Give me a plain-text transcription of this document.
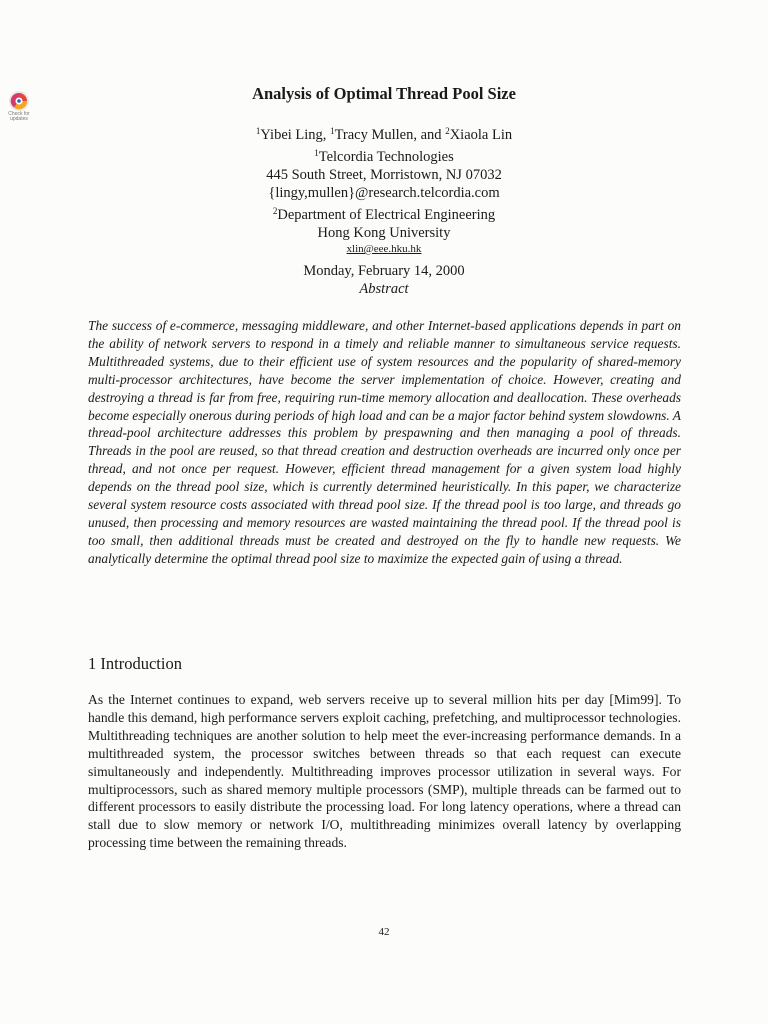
Check for
updates
Analysis of Optimal Thread Pool Size
$^1$Yibei Ling, $^1$Tracy Mullen, and $^2$Xiaola Lin
$^1$Telcordia Technologies
445 South Street, Morristown, NJ 07032
{lingy,mullen}@research.telcordia.com
$^2$Department of Electrical Engineering
Hong Kong University
xlin@eee.hku.hk
Monday, February 14, 2000
Abstract
The success of e-commerce, messaging middleware, and other Internet-based applications depends in part on the ability of network servers to respond in a timely and reliable manner to simultaneous service requests. Multithreaded systems, due to their efficient use of system resources and the popularity of shared-memory multi-processor architectures, have become the server implementation of choice. However, creating and destroying a thread is far from free, requiring run-time memory allocation and deallocation. These overheads become especially onerous during periods of high load and can be a major factor behind system slowdowns. A thread-pool architecture addresses this problem by prespawning and then managing a pool of threads. Threads in the pool are reused, so that thread creation and destruction overheads are incurred only once per thread, and not once per request. However, efficient thread management for a given system load highly depends on the thread pool size, which is currently determined heuristically. In this paper, we characterize several system resource costs associated with thread pool size. If the thread pool is too large, and threads go unused, then processing and memory resources are wasted maintaining the thread pool. If the thread pool is too small, then additional threads must be created and destroyed on the fly to handle new requests. We analytically determine the optimal thread pool size to maximize the expected gain of using a thread.
1 Introduction
As the Internet continues to expand, web servers receive up to several million hits per day [Mim99]. To handle this demand, high performance servers exploit caching, prefetching, and multiprocessor technologies. Multithreading techniques are another solution to help meet the ever-increasing performance demands. In a multithreaded system, the processor switches between threads so that each request can execute simultaneously and independently. Multithreading improves processor utilization in several ways. For multiprocessors, such as shared memory multiple processors (SMP), multiple threads can be farmed out to different processors to easily distribute the processing load. For long latency operations, where a thread can stall due to slow memory or network I/O, multithreading minimizes overall latency by overlapping processing time between the remaining threads.
42
